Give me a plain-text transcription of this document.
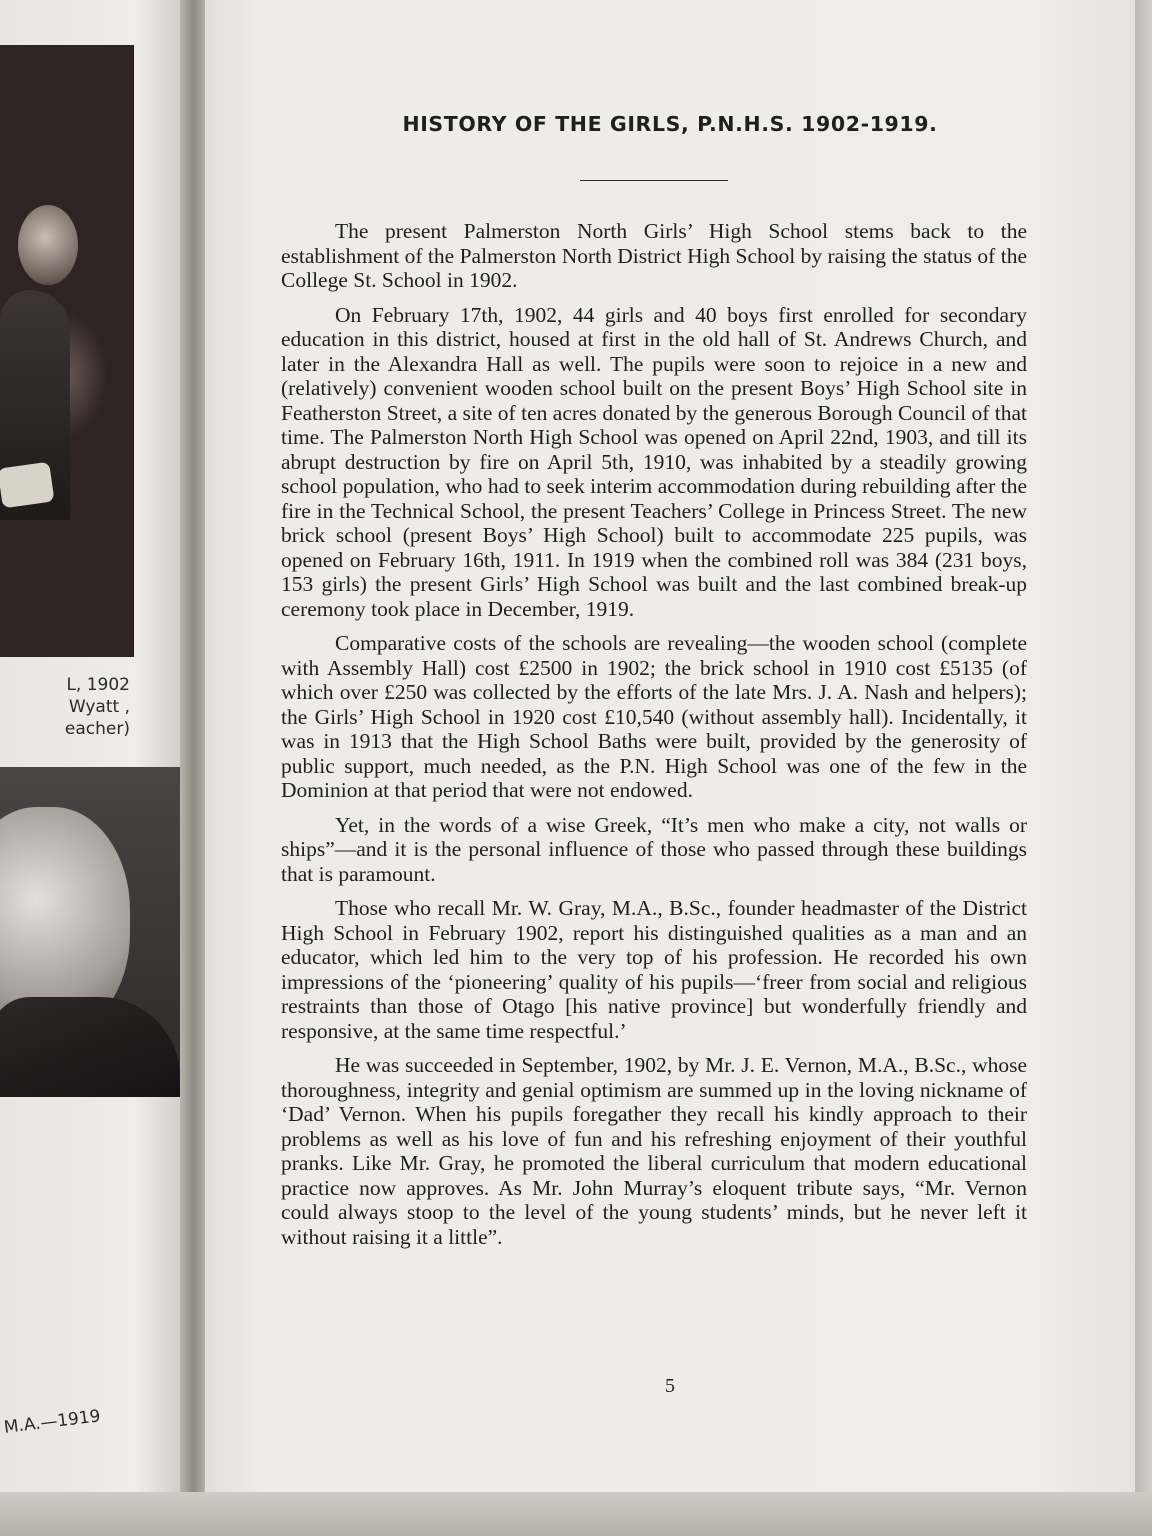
L, 1902
Wyatt ,
eacher)
M.A.—1919
HISTORY OF THE GIRLS, P.N.H.S. 1902-1919.

The present Palmerston North Girls’ High School stems back to the establishment of the Palmerston North District High School by raising the status of the College St. School in 1902.

On February 17th, 1902, 44 girls and 40 boys first enrolled for secondary education in this district, housed at first in the old hall of St. Andrews Church, and later in the Alexandra Hall as well. The pupils were soon to rejoice in a new and (relatively) convenient wooden school built on the present Boys’ High School site in Featherston Street, a site of ten acres donated by the generous Borough Council of that time. The Palmerston North High School was opened on April 22nd, 1903, and till its abrupt destruction by fire on April 5th, 1910, was inhabited by a steadily growing school population, who had to seek interim accommodation during rebuilding after the fire in the Technical School, the present Teachers’ College in Princess Street. The new brick school (present Boys’ High School) built to accommodate 225 pupils, was opened on February 16th, 1911. In 1919 when the combined roll was 384 (231 boys, 153 girls) the present Girls’ High School was built and the last combined break-up ceremony took place in December, 1919.

Comparative costs of the schools are revealing—the wooden school (complete with Assembly Hall) cost £2500 in 1902; the brick school in 1910 cost £5135 (of which over £250 was collected by the efforts of the late Mrs. J. A. Nash and helpers); the Girls’ High School in 1920 cost £10,540 (without assembly hall). Incidentally, it was in 1913 that the High School Baths were built, provided by the generosity of public support, much needed, as the P.N. High School was one of the few in the Dominion at that period that were not endowed.

Yet, in the words of a wise Greek, “It’s men who make a city, not walls or ships”—and it is the personal influence of those who passed through these buildings that is paramount.

Those who recall Mr. W. Gray, M.A., B.Sc., founder headmaster of the District High School in February 1902, report his distinguished qualities as a man and an educator, which led him to the very top of his profession. He recorded his own impressions of the ‘pioneering’ quality of his pupils—‘freer from social and religious restraints than those of Otago [his native province] but wonderfully friendly and responsive, at the same time respectful.’

He was succeeded in September, 1902, by Mr. J. E. Vernon, M.A., B.Sc., whose thoroughness, integrity and genial optimism are summed up in the loving nickname of ‘Dad’ Vernon. When his pupils foregather they recall his kindly approach to their problems as well as his love of fun and his refreshing enjoyment of their youthful pranks. Like Mr. Gray, he promoted the liberal curriculum that modern educational practice now approves. As Mr. John Murray’s eloquent tribute says, “Mr. Vernon could always stoop to the level of the young students’ minds, but he never left it without raising it a little”.

5
